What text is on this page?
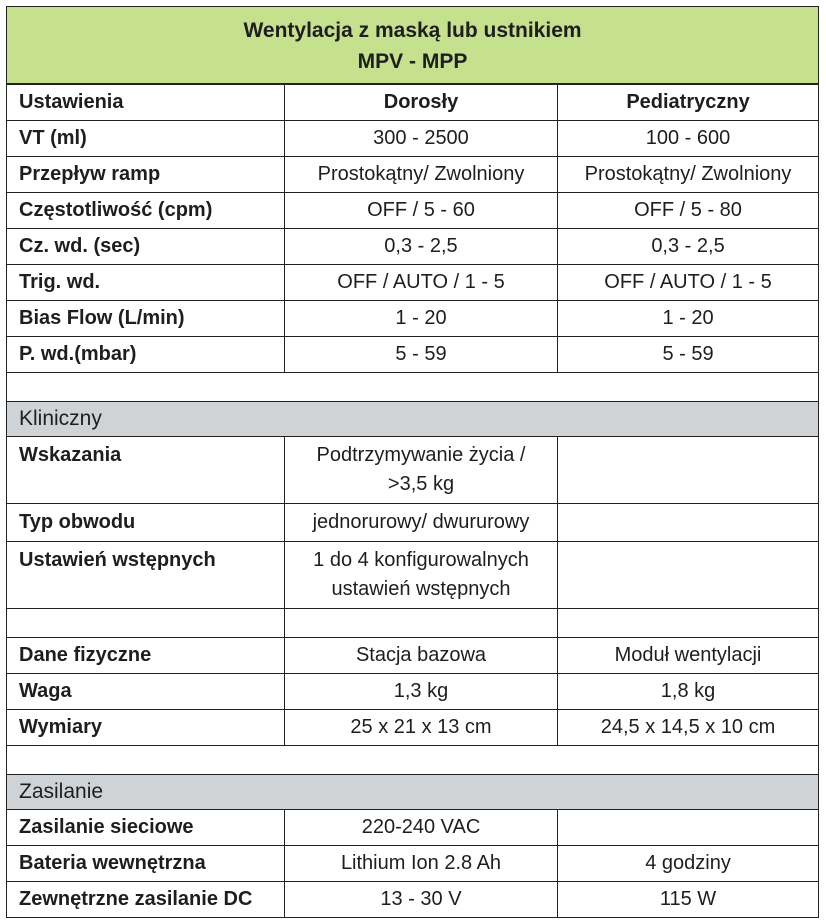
Wentylacja z maską lub ustnikiem
MPV - MPP		

Ustawienia	Dorosły	Pediatryczny
VT (ml)	300 - 2500	100 - 600
Przepływ ramp	Prostokątny/ Zwolniony	Prostokątny/ Zwolniony
Częstotliwość (cpm)	OFF / 5 - 60	OFF / 5 - 80
Cz. wd. (sec)	0,3 - 2,5	0,3 - 2,5
Trig. wd.	OFF / AUTO / 1 - 5	OFF / AUTO / 1 - 5
Bias Flow (L/min)	1 - 20	1 - 20
P. wd.(mbar)	5 - 59	5 - 59

Kliniczny		
Wskazania	Podtrzymywanie życia /
>3,5 kg	

Typ obwodu	jednorurowy/ dwururowy	
Ustawień wstępnych	1 do 4 konfigurowalnych
ustawień wstępnych	

Dane fizyczne	Stacja bazowa	Moduł wentylacji
Waga	1,3 kg	1,8 kg
Wymiary	25 x 21 x 13 cm	24,5 x 14,5 x 10 cm

Zasilanie		
Zasilanie sieciowe	220-240 VAC	
Bateria wewnętrzna	Lithium Ion 2.8 Ah	4 godziny
Zewnętrzne zasilanie DC	13 - 30 V	115 W
